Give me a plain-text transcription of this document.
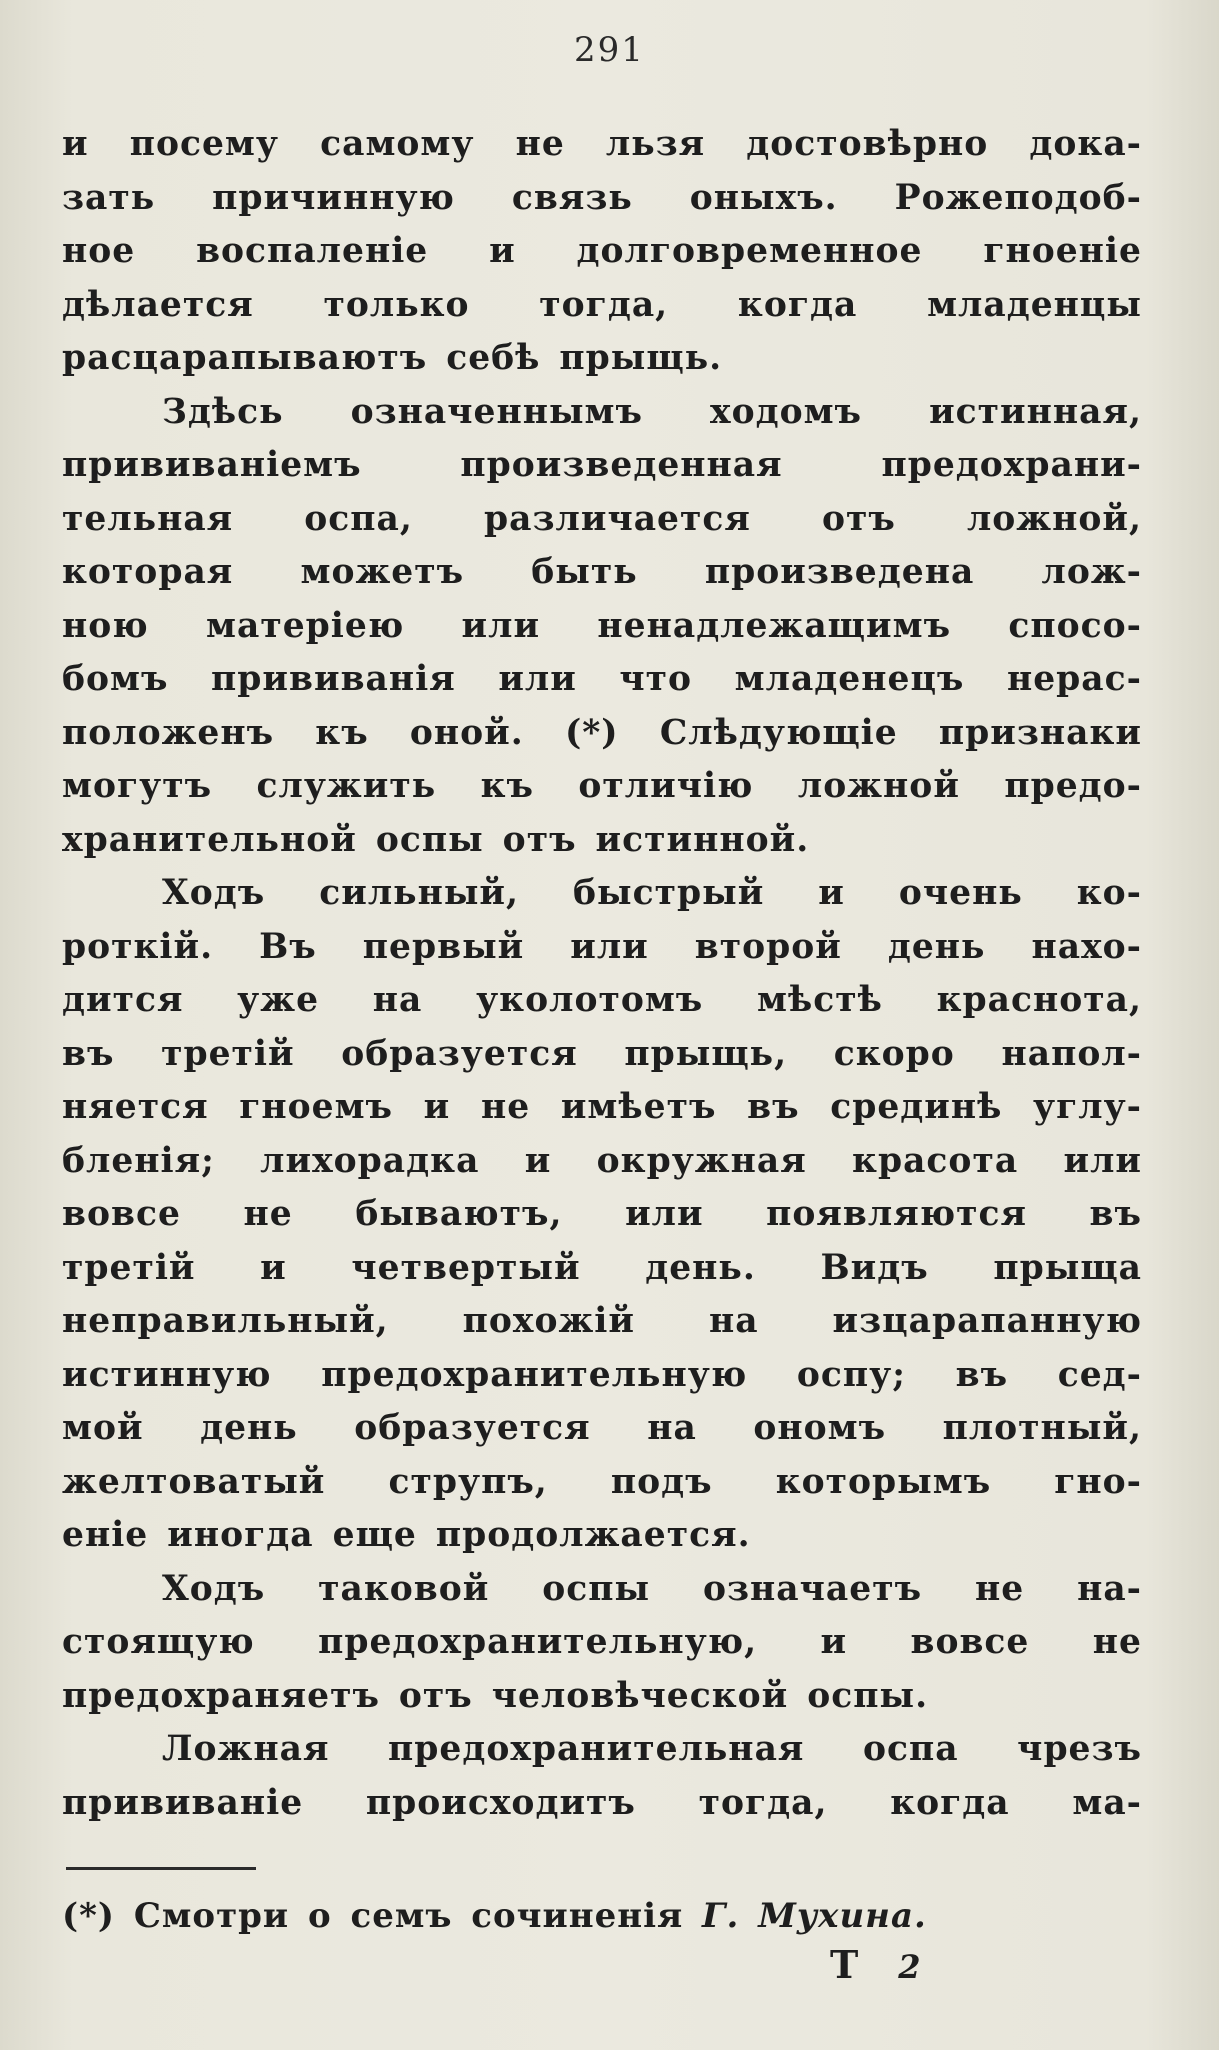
291
и посему самому не льзя достовѣрно дока-
зать причинную связь оныхъ. Рожеподоб-
ное воспаленіе и долговременное гноеніе
дѣлается только тогда, когда младенцы
расцарапываютъ себѣ прыщь.
Здѣсь означеннымъ ходомъ истинная,
прививаніемъ произведенная предохрани-
тельная оспа, различается отъ ложной,
которая можетъ быть произведена лож-
ною матеріею или ненадлежащимъ спосо-
бомъ прививанія или что младенецъ нерас-
положенъ къ оной. (*) Слѣдующіе признаки
могутъ служить къ отличію ложной предо-
хранительной оспы отъ истинной.
Ходъ сильный, быстрый и очень ко-
роткій. Въ первый или второй день нахо-
дится уже на уколотомъ мѣстѣ краснота,
въ третій образуется прыщь, скоро напол-
няется гноемъ и не имѣетъ въ срединѣ углу-
бленія; лихорадка и окружная красота или
вовсе не бываютъ, или появляются въ
третій и четвертый день. Видъ прыща
неправильный, похожій на изцарапанную
истинную предохранительную оспу; въ сед-
мой день образуется на ономъ плотный,
желтоватый струпъ, подъ которымъ гно-
еніе иногда еще продолжается.
Ходъ таковой оспы означаетъ не на-
стоящую предохранительную, и вовсе не
предохраняетъ отъ человѣческой оспы.
Ложная предохранительная оспа чрезъ
прививаніе происходитъ тогда, когда ма-
(*) Смотри о семъ сочиненія Г. Мухина.
Т 2
